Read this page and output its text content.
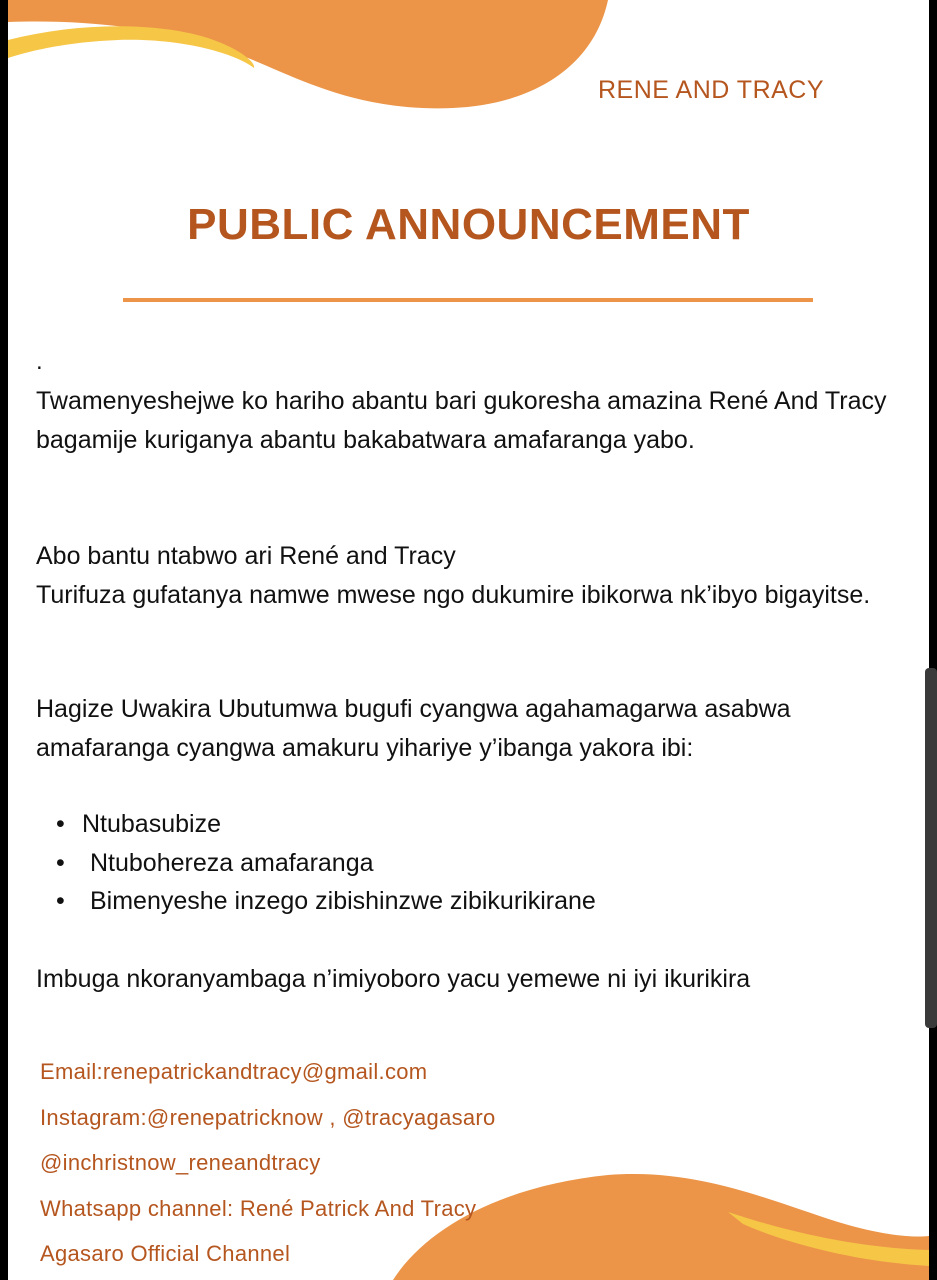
RENE AND TRACY
PUBLIC ANNOUNCEMENT
.
Twamenyeshejwe ko hariho abantu bari gukoresha amazina René And Tracy bagamije kuriganya abantu bakabatwara amafaranga yabo.
Abo bantu ntabwo ari René and Tracy
Turifuza gufatanya namwe mwese ngo dukumire ibikorwa nk’ibyo bigayitse.
Hagize Uwakira Ubutumwa bugufi cyangwa agahamagarwa asabwa amafaranga cyangwa amakuru yihariye y’ibanga yakora ibi:
• Ntubasubize
• Ntubohereza amafaranga
• Bimenyeshe inzego zibishinzwe zibikurikirane
Imbuga nkoranyambaga n’imiyoboro yacu yemewe ni iyi ikurikira
Email:renepatrickandtracy@gmail.com
Instagram:@renepatricknow , @tracyagasaro
@inchristnow_reneandtracy
Whatsapp channel: René Patrick And Tracy
Agasaro Official Channel
